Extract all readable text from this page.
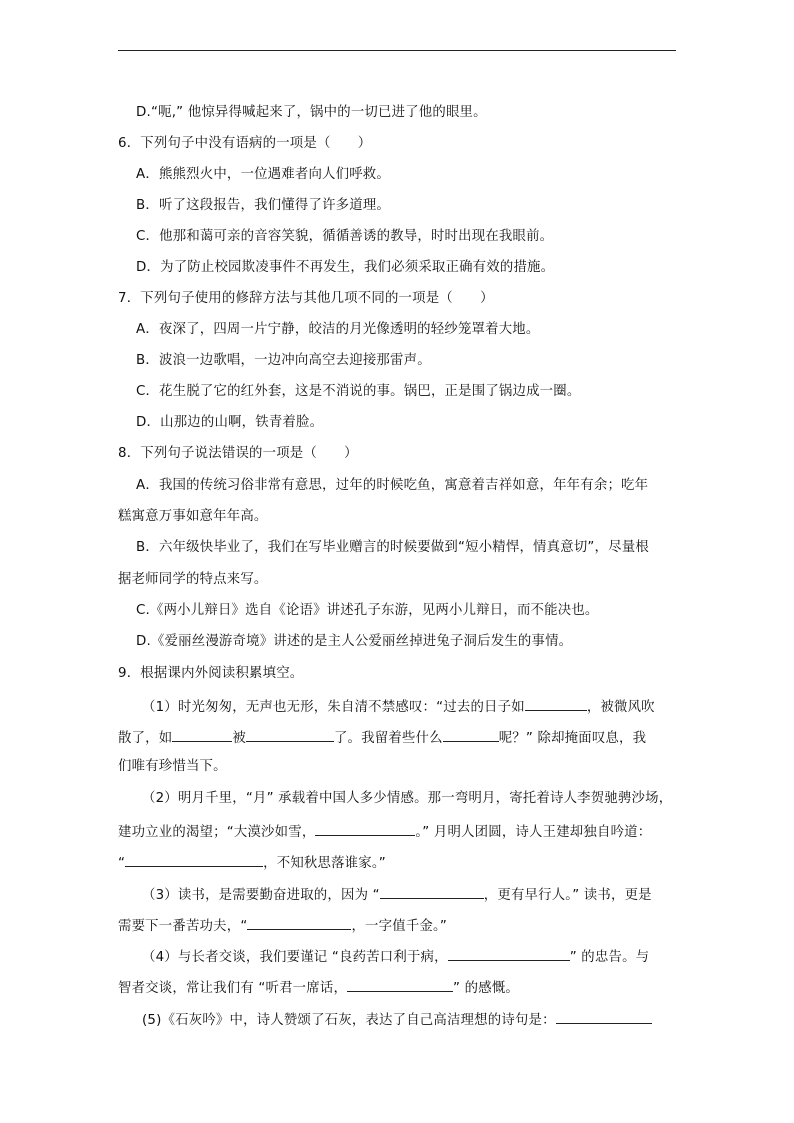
D.“呃,” 他惊异得喊起来了，锅中的一切已进了他的眼里。
6．下列句子中没有语病的一项是（　　）
A．熊熊烈火中，一位遇难者向人们呼救。
B．听了这段报告，我们懂得了许多道理。
C．他那和蔼可亲的音容笑貌，循循善诱的教导，时时出现在我眼前。
D．为了防止校园欺凌事件不再发生，我们必须采取正确有效的措施。
7．下列句子使用的修辞方法与其他几项不同的一项是（　　）
A．夜深了，四周一片宁静，皎洁的月光像透明的轻纱笼罩着大地。
B．波浪一边歌唱，一边冲向高空去迎接那雷声。
C．花生脱了它的红外套，这是不消说的事。锅巴，正是围了锅边成一圈。
D．山那边的山啊，铁青着脸。
8．下列句子说法错误的一项是（　　）
A．我国的传统习俗非常有意思，过年的时候吃鱼，寓意着吉祥如意，年年有余；吃年
糕寓意万事如意年年高。
B．六年级快毕业了，我们在写毕业赠言的时候要做到“短小精悍，情真意切”，尽量根
据老师同学的特点来写。
C.《两小儿辩日》选自《论语》讲述孔子东游，见两小儿辩日，而不能决也。
D.《爱丽丝漫游奇境》讲述的是主人公爱丽丝掉进兔子洞后发生的事情。
9．根据课内外阅读积累填空。
（1）时光匆匆，无声也无形，朱自清不禁感叹：“过去的日子如	，被微风吹
散了，如	被	了。我留着些什么	呢？” 除却掩面叹息，我
们唯有珍惜当下。
（2）明月千里，“月” 承载着中国人多少情感。那一弯明月，寄托着诗人李贺驰骋沙场，
建功立业的渴望；“大漠沙如雪，	。” 月明人团圆，诗人王建却独自吟道：
“	，不知秋思落谁家。”
（3）读书，是需要勤奋进取的，因为 “	，更有早行人。” 读书，更是
需要下一番苦功夫，“	，一字值千金。”
（4）与长者交谈，我们要谨记 “良药苦口利于病，	” 的忠告。与
智者交谈，常让我们有 “听君一席话，	” 的感慨。
(5)《石灰吟》中，诗人赞颂了石灰，表达了自己高洁理想的诗句是：
